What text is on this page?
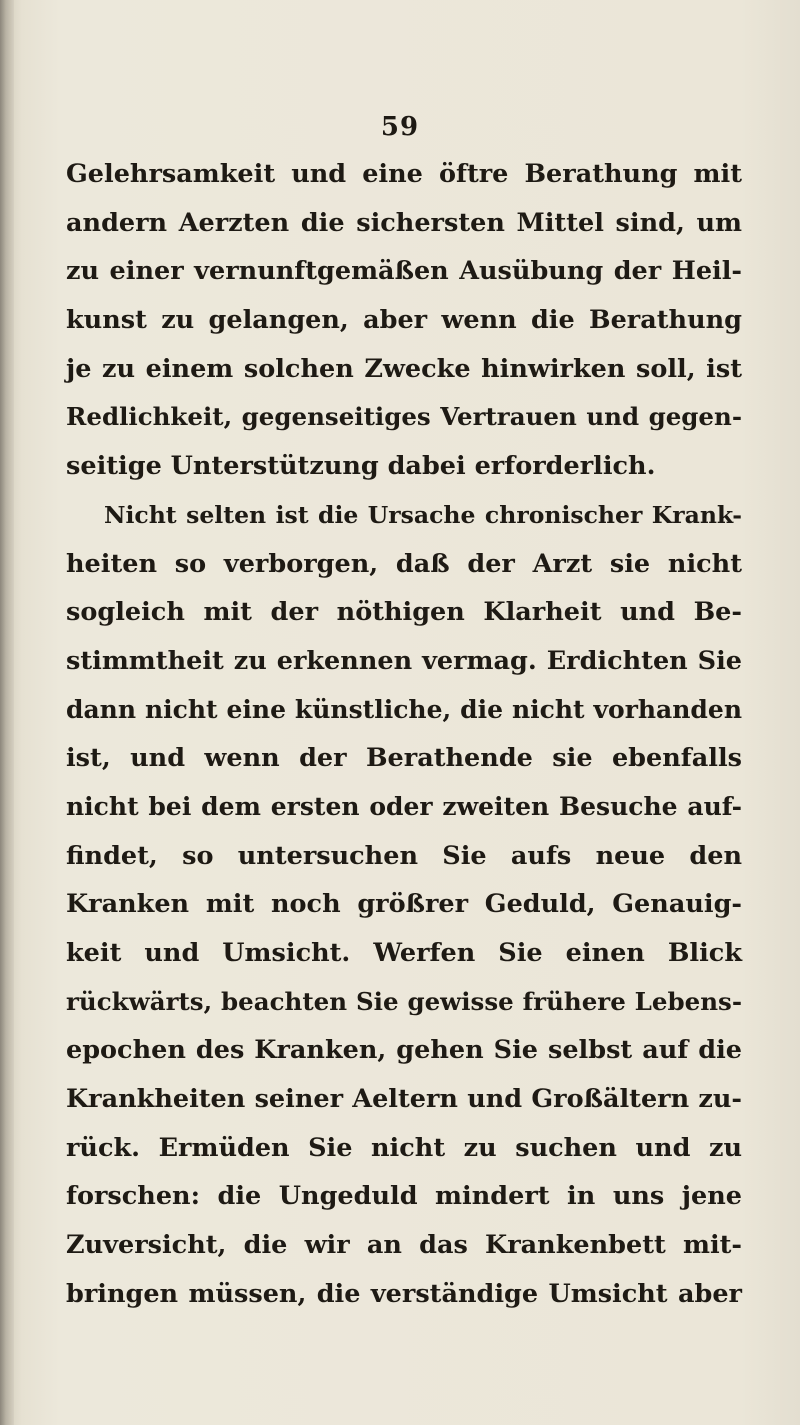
59
Gelehrsamkeit und eine öftre Berathung mit
andern Aerzten die sichersten Mittel sind, um
zu einer vernunftgemäßen Ausübung der Heil-
kunst zu gelangen, aber wenn die Berathung
je zu einem solchen Zwecke hinwirken soll, ist
Redlichkeit, gegenseitiges Vertrauen und gegen-
seitige Unterstützung dabei erforderlich.
Nicht selten ist die Ursache chronischer Krank-
heiten so verborgen, daß der Arzt sie nicht
sogleich mit der nöthigen Klarheit und Be-
stimmtheit zu erkennen vermag. Erdichten Sie
dann nicht eine künstliche, die nicht vorhanden
ist, und wenn der Berathende sie ebenfalls
nicht bei dem ersten oder zweiten Besuche auf-
findet, so untersuchen Sie aufs neue den
Kranken mit noch größrer Geduld, Genauig-
keit und Umsicht. Werfen Sie einen Blick
rückwärts, beachten Sie gewisse frühere Lebens-
epochen des Kranken, gehen Sie selbst auf die
Krankheiten seiner Aeltern und Großältern zu-
rück. Ermüden Sie nicht zu suchen und zu
forschen: die Ungeduld mindert in uns jene
Zuversicht, die wir an das Krankenbett mit-
bringen müssen, die verständige Umsicht aber
